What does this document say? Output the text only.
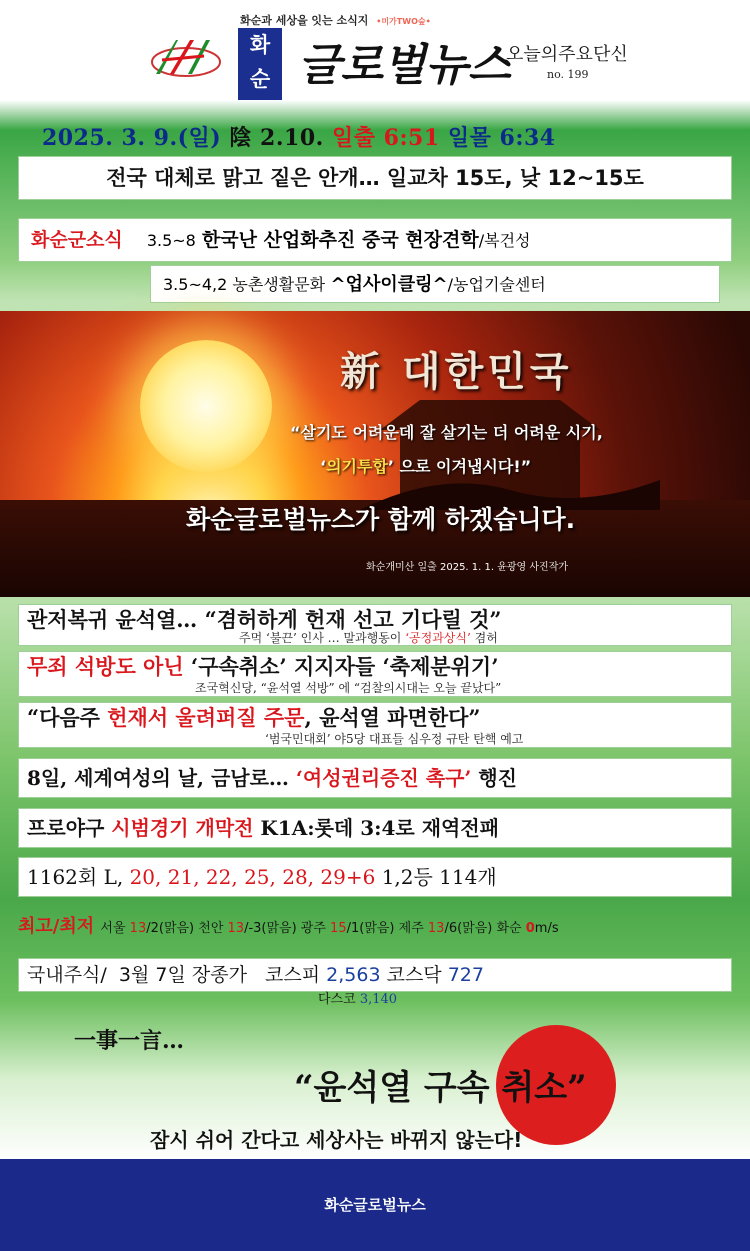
화순과 세상을 잇는 소식지 •미가TWO숲•
화
순 글로벌뉴스
오늘의주요단신
no. 199
2025. 3. 9.(일) 陰 2.10. 일출 6:51 일몰 6:34
전국 대체로 맑고 짙은 안개… 일교차 15도, 낮 12~15도
화순군소식 3.5~8 한국난 산업화추진 중국 현장견학/복건성
3.5~4,2 농촌생활문화 ^업사이클링^/농업기술센터
新 대한민국
“살기도 어려운데 잘 살기는 더 어려운 시기,
‘의기투합’ 으로 이겨냅시다!”
화순글로벌뉴스가 함께 하겠습니다.
화순개미산 일출 2025. 1. 1. 윤광영 사진작가
관저복귀 윤석열… “겸허하게 헌재 선고 기다릴 것”
주먹 ‘불끈’ 인사 … 말과행동이 ‘공정과상식’ 겸허
무죄 석방도 아닌 ‘구속취소’ 지지자들 ‘축제분위기’
조국혁신당, “윤석열 석방” 에 “검찰의시대는 오늘 끝났다”
“다음주 헌재서 울려퍼질 주문, 윤석열 파면한다”
‘범국민대회’ 야5당 대표들 심우정 규탄 탄핵 예고
8일, 세계여성의 날, 금남로… ‘여성권리증진 촉구’ 행진
프로야구 시범경기 개막전 K1A:롯데 3:4로 재역전패
1162회 L, 20, 21, 22, 25, 28, 29+6 1,2등 114개
최고/최저 서울 13/2(맑음) 천안 13/-3(맑음) 광주 15/1(맑음) 제주 13/6(맑음) 화순 0m/s
국내주식/  3월 7일 장종가   코스피 2,563 코스닥 727
다스코 3,140
一事一言…
“윤석열 구속 취소”
잠시 쉬어 간다고 세상사는 바뀌지 않는다!
화순글로벌뉴스
